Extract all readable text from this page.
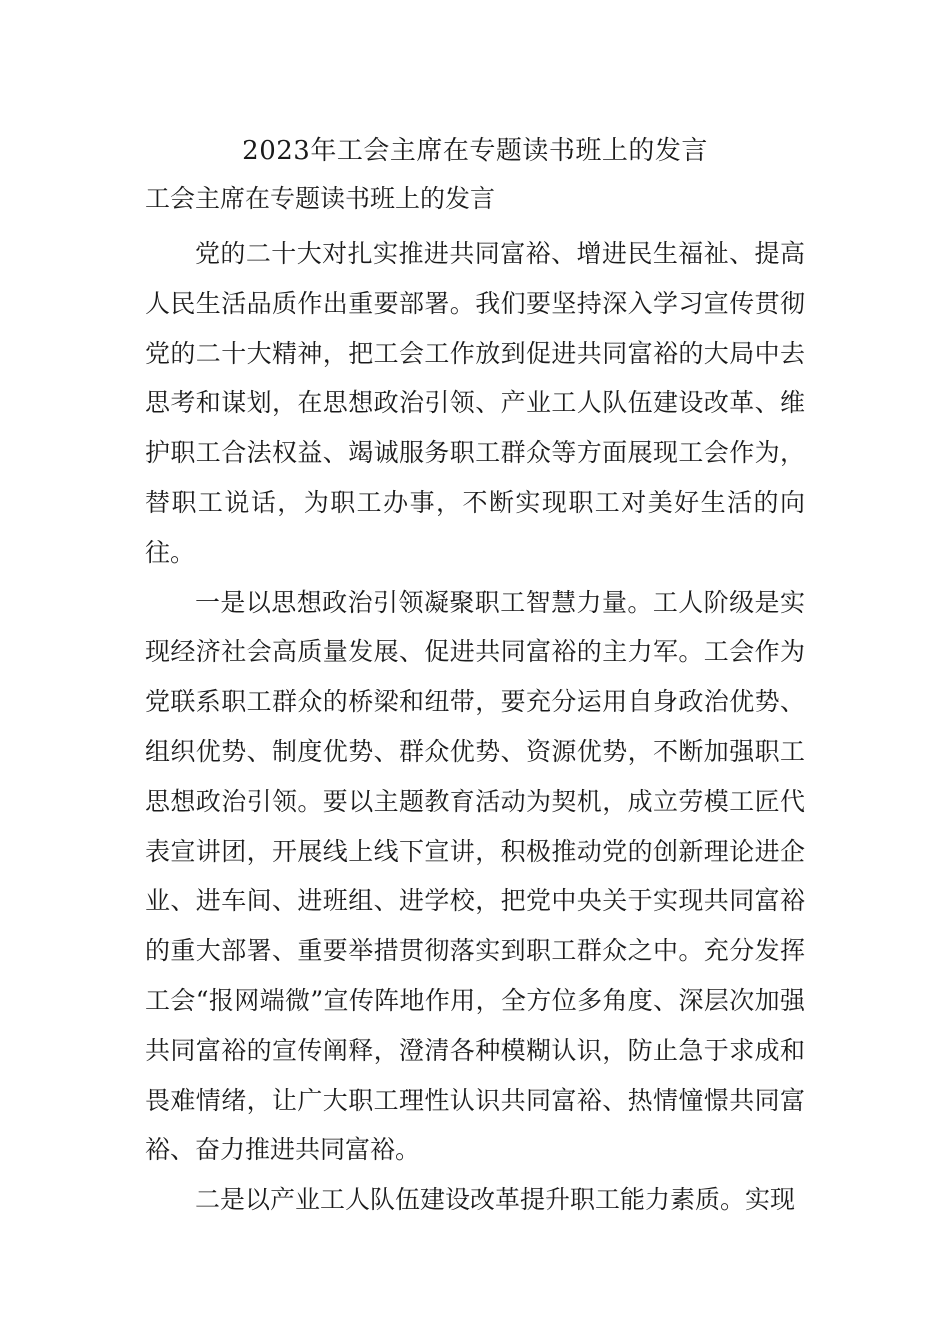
2023年工会主席在专题读书班上的发言
工会主席在专题读书班上的发言

党的二十大对扎实推进共同富裕、增进民生福祉、提高人民生活品质作出重要部署。我们要坚持深入学习宣传贯彻党的二十大精神，把工会工作放到促进共同富裕的大局中去思考和谋划，在思想政治引领、产业工人队伍建设改革、维护职工合法权益、竭诚服务职工群众等方面展现工会作为，替职工说话，为职工办事，不断实现职工对美好生活的向往。

一是以思想政治引领凝聚职工智慧力量。工人阶级是实现经济社会高质量发展、促进共同富裕的主力军。工会作为党联系职工群众的桥梁和纽带，要充分运用自身政治优势、组织优势、制度优势、群众优势、资源优势，不断加强职工思想政治引领。要以主题教育活动为契机，成立劳模工匠代表宣讲团，开展线上线下宣讲，积极推动党的创新理论进企业、进车间、进班组、进学校，把党中央关于实现共同富裕的重大部署、重要举措贯彻落实到职工群众之中。充分发挥工会“报网端微”宣传阵地作用，全方位多角度、深层次加强共同富裕的宣传阐释，澄清各种模糊认识，防止急于求成和畏难情绪，让广大职工理性认识共同富裕、热情憧憬共同富裕、奋力推进共同富裕。

二是以产业工人队伍建设改革提升职工能力素质。实现
